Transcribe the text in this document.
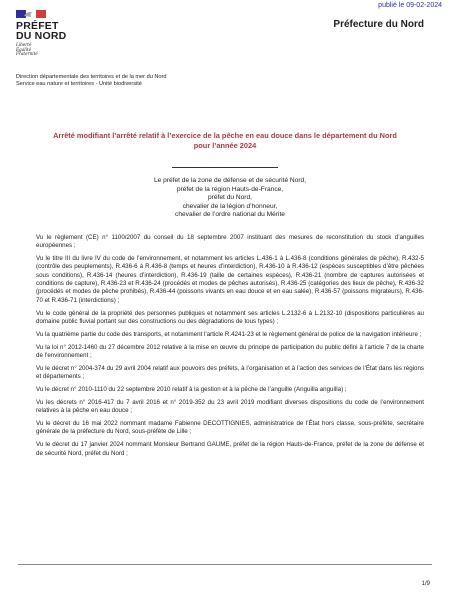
publié le 09-02-2024
PRÉFET
DU NORD
Liberté
Égalité
Fraternité
Préfecture du Nord
Direction départementale des territoires et de la mer du Nord
Service eau nature et territoires - Unité biodiversité
Arrêté modifiant l’arrêté relatif à l’exercice de la pêche en eau douce dans le département du Nord
pour l’année 2024
Le préfet de la zone de défense et de sécurité Nord,
préfet de la région Hauts-de-France,
préfet du Nord,
chevalier de la légion d’honneur,
chevalier de l’ordre national du Mérite

Vu le règlement (CE) n° 1100/2007 du conseil du 18 septembre 2007 instituant des mesures de reconstitution du stock d’anguilles européennes ;

Vu le titre III du livre IV du code de l’environnement, et notamment les articles L.436-1 à L.436-8 (conditions générales de pêche), R.432-5 (contrôle des peuplements), R.436-6 à R.436-8 (temps et heures d’interdiction), R.436-10 à R.436-12 (espèces susceptibles d’être pêchées sous conditions), R.436-14 (heures d’interdiction), R.436-19 (taille de certaines espèces), R.436-21 (nombre de captures autorisées et conditions de capture), R.436-23 et R.436-24 (procédés et modes de pêches autorisés), R.436-25 (catégories des lieux de pêche), R.436-32 (procédés et modes de pêche prohibés), R.436-44 (poissons vivants en eau douce et en eau salée), R.436-57 (poissons migrateurs), R.436-70 et R.436-71 (interdictions) ;

Vu le code général de la propriété des personnes publiques et notamment ses articles L.2132-6 à L.2132-10 (dispositions particulières au domaine public fluvial portant sur des constructions ou des dégradations de tous types) ;

Vu la quatrième partie du code des transports, et notamment l’article R.4241-23 et le règlement général de police de la navigation intérieure ;

Vu la loi n° 2012-1460 du 27 décembre 2012 relative à la mise en œuvre du principe de participation du public défini à l’article 7 de la charte de l’environnement ;

Vu le décret n° 2004-374 du 29 avril 2004 relatif aux pouvoirs des préfets, à l’organisation et à l’action des services de l’État dans les régions et départements ;

Vu le décret n° 2010-1110 du 22 septembre 2010 relatif à la gestion et à la pêche de l’anguille (Anguilla anguilla) ;

Vu les décrets n° 2016-417 du 7 avril 2016 et n° 2019-352 du 23 avril 2019 modifiant diverses dispositions du code de l’environnement relatives à la pêche en eau douce ;

Vu le décret du 16 mai 2022 nommant madame Fabienne DECOTTIGNIES, administratrice de l’État hors classe, sous-préfète, secrétaire générale de la préfecture du Nord, sous-préfète de Lille ;

Vu le décret du 17 janvier 2024 nommant Monsieur Bertrand GAUME, préfet de la région Hauts-de-France, préfet de la zone de défense et de sécurité Nord, préfet du Nord ;

1/9
